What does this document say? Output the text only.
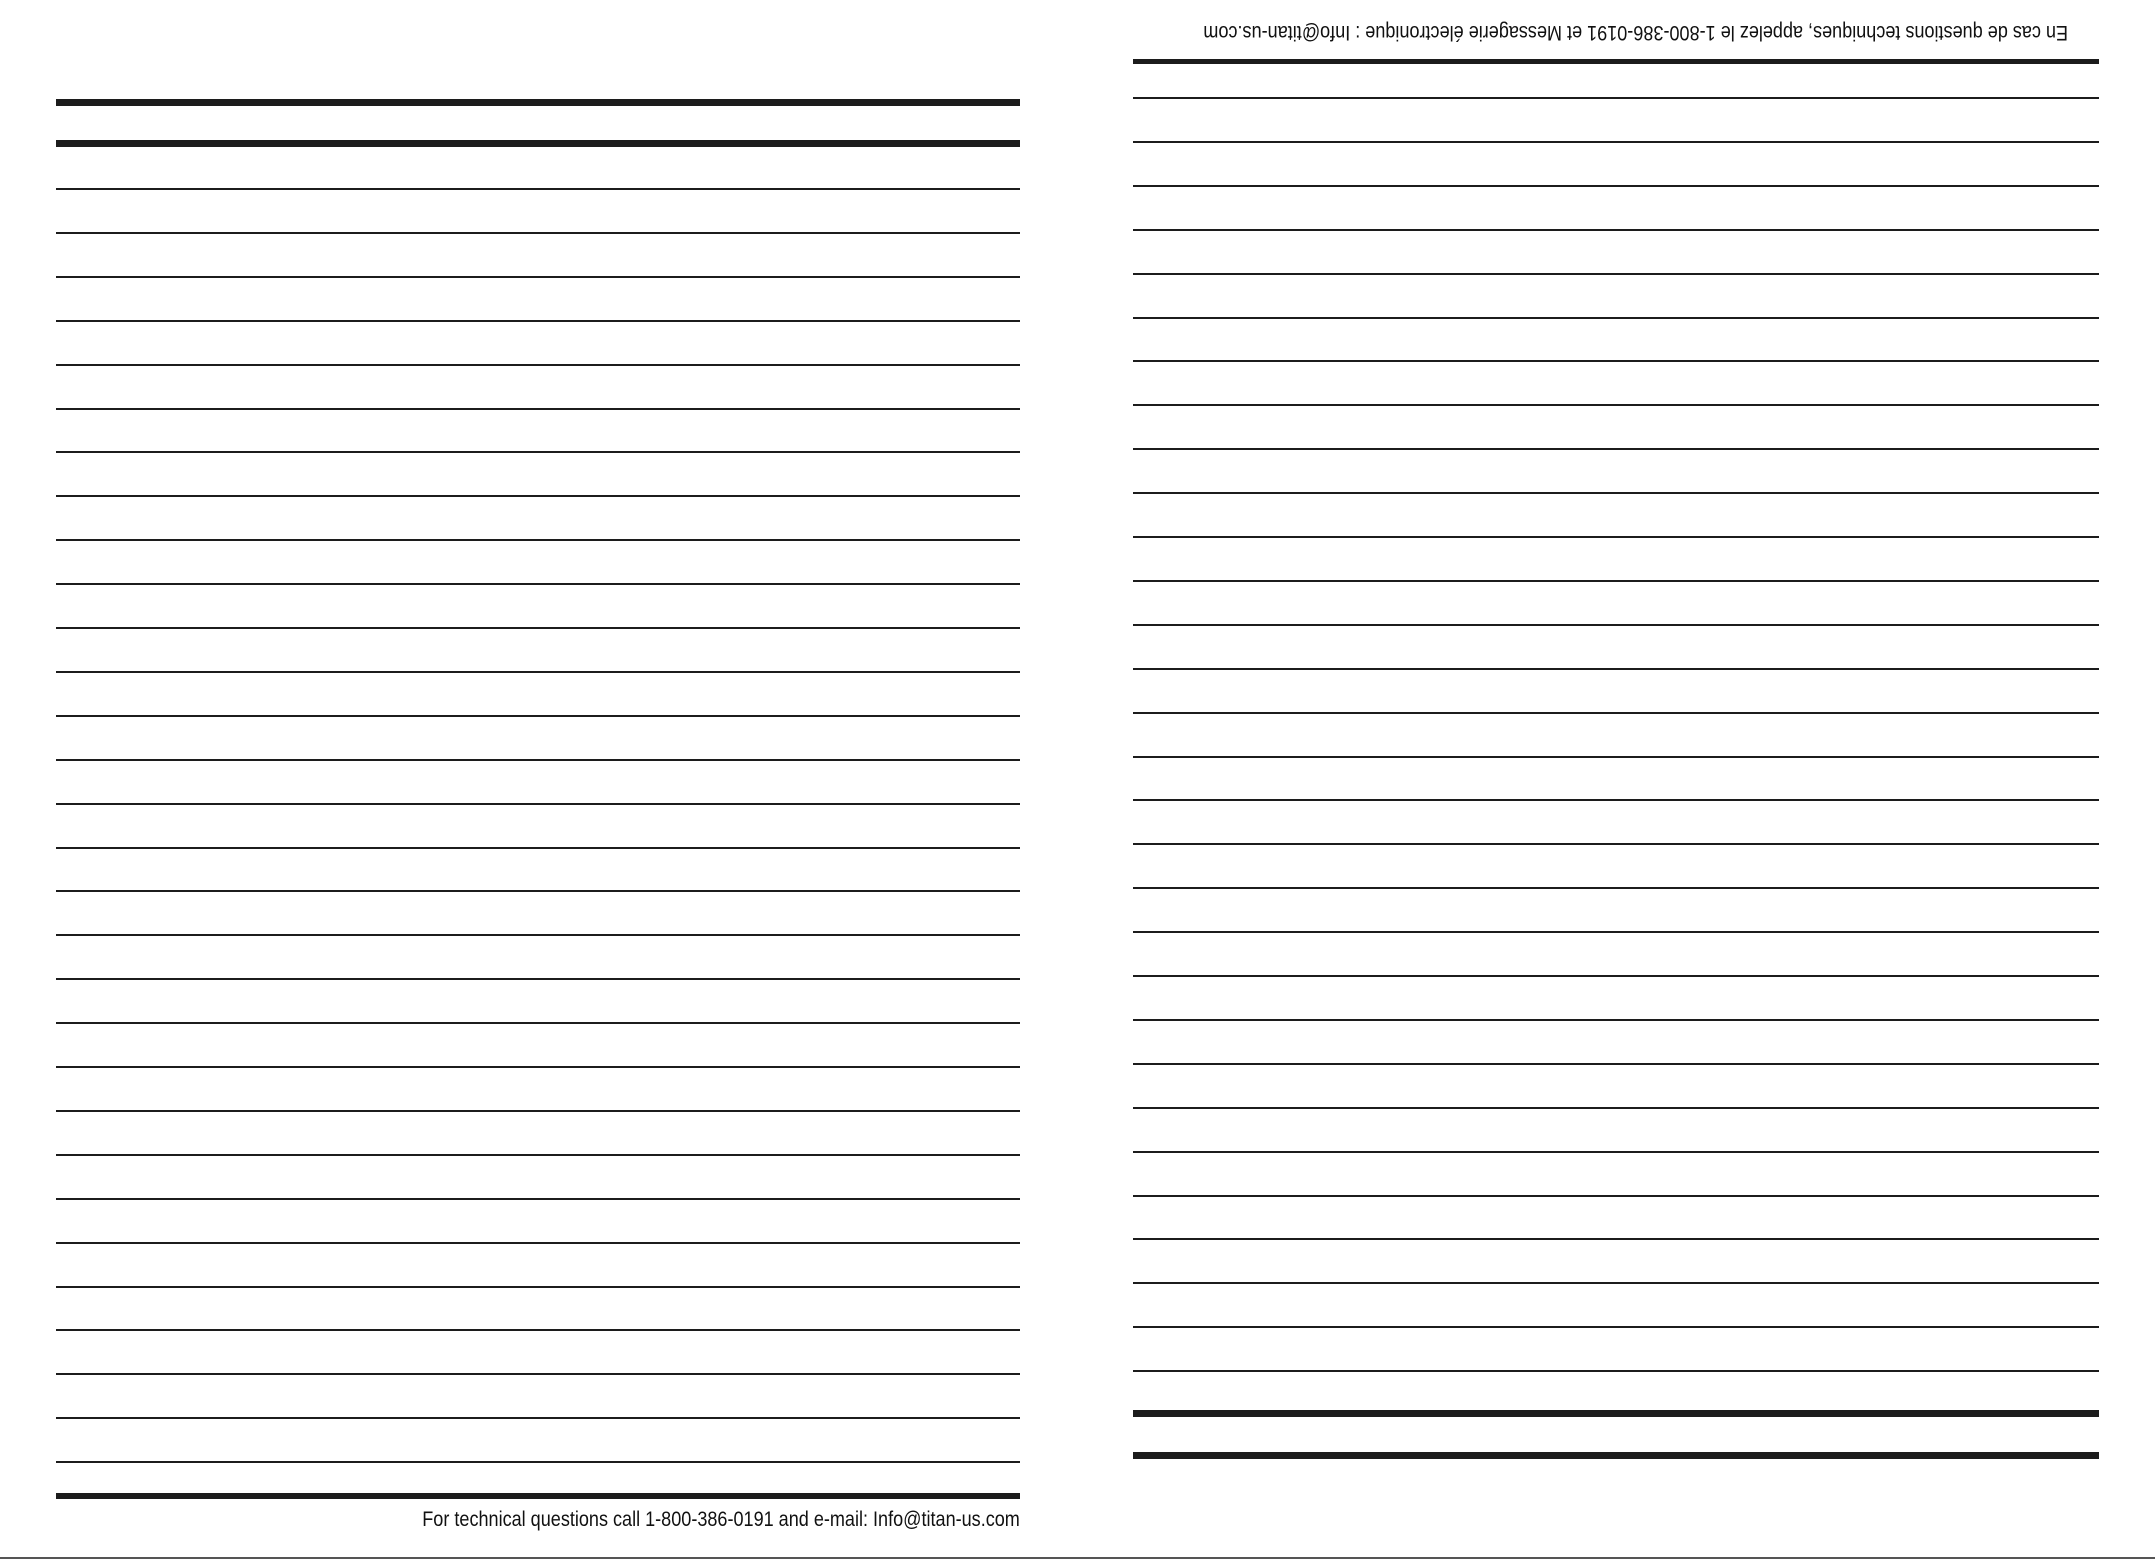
For technical questions call 1-800-386-0191 and e-mail: Info@titan-us.com
En cas de questions techniques, appelez le 1-800-386-0191 et Messagerie électronique : Info@titan-us.com
